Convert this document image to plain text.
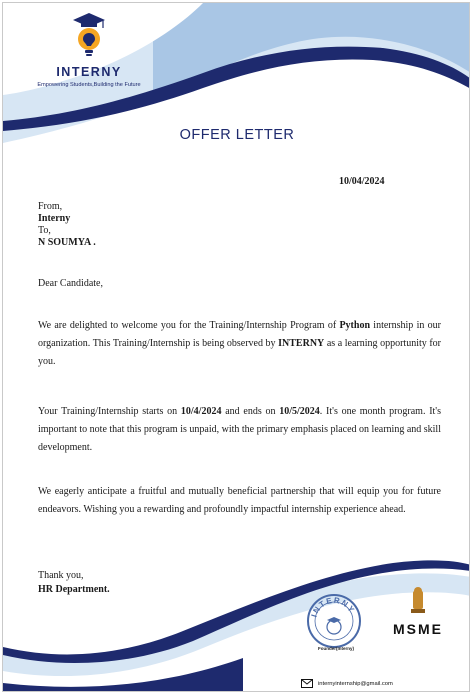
INTERNY
Empowering Students,Building the Future
OFFER LETTER
10/04/2024
From,
Interny
To,
N SOUMYA .
Dear Candidate,
We are delighted to welcome you for the Training/Internship Program of Python internship in our organization. This Training/Internship is being observed by INTERNY as a learning opportunity for you.
Your Training/Internship starts on 10/4/2024 and ends on 10/5/2024. It's one month program. It's important to note that this program is unpaid, with the primary emphasis placed on learning and skill development.
We eagerly anticipate a fruitful and mutually beneficial partnership that will equip you for future endeavors. Wishing you a rewarding and profoundly impactful internship experience ahead.
Thank you,
HR Department.
INTERNY
Founder(Interny)
MSME
internyinternship@gmail.com
